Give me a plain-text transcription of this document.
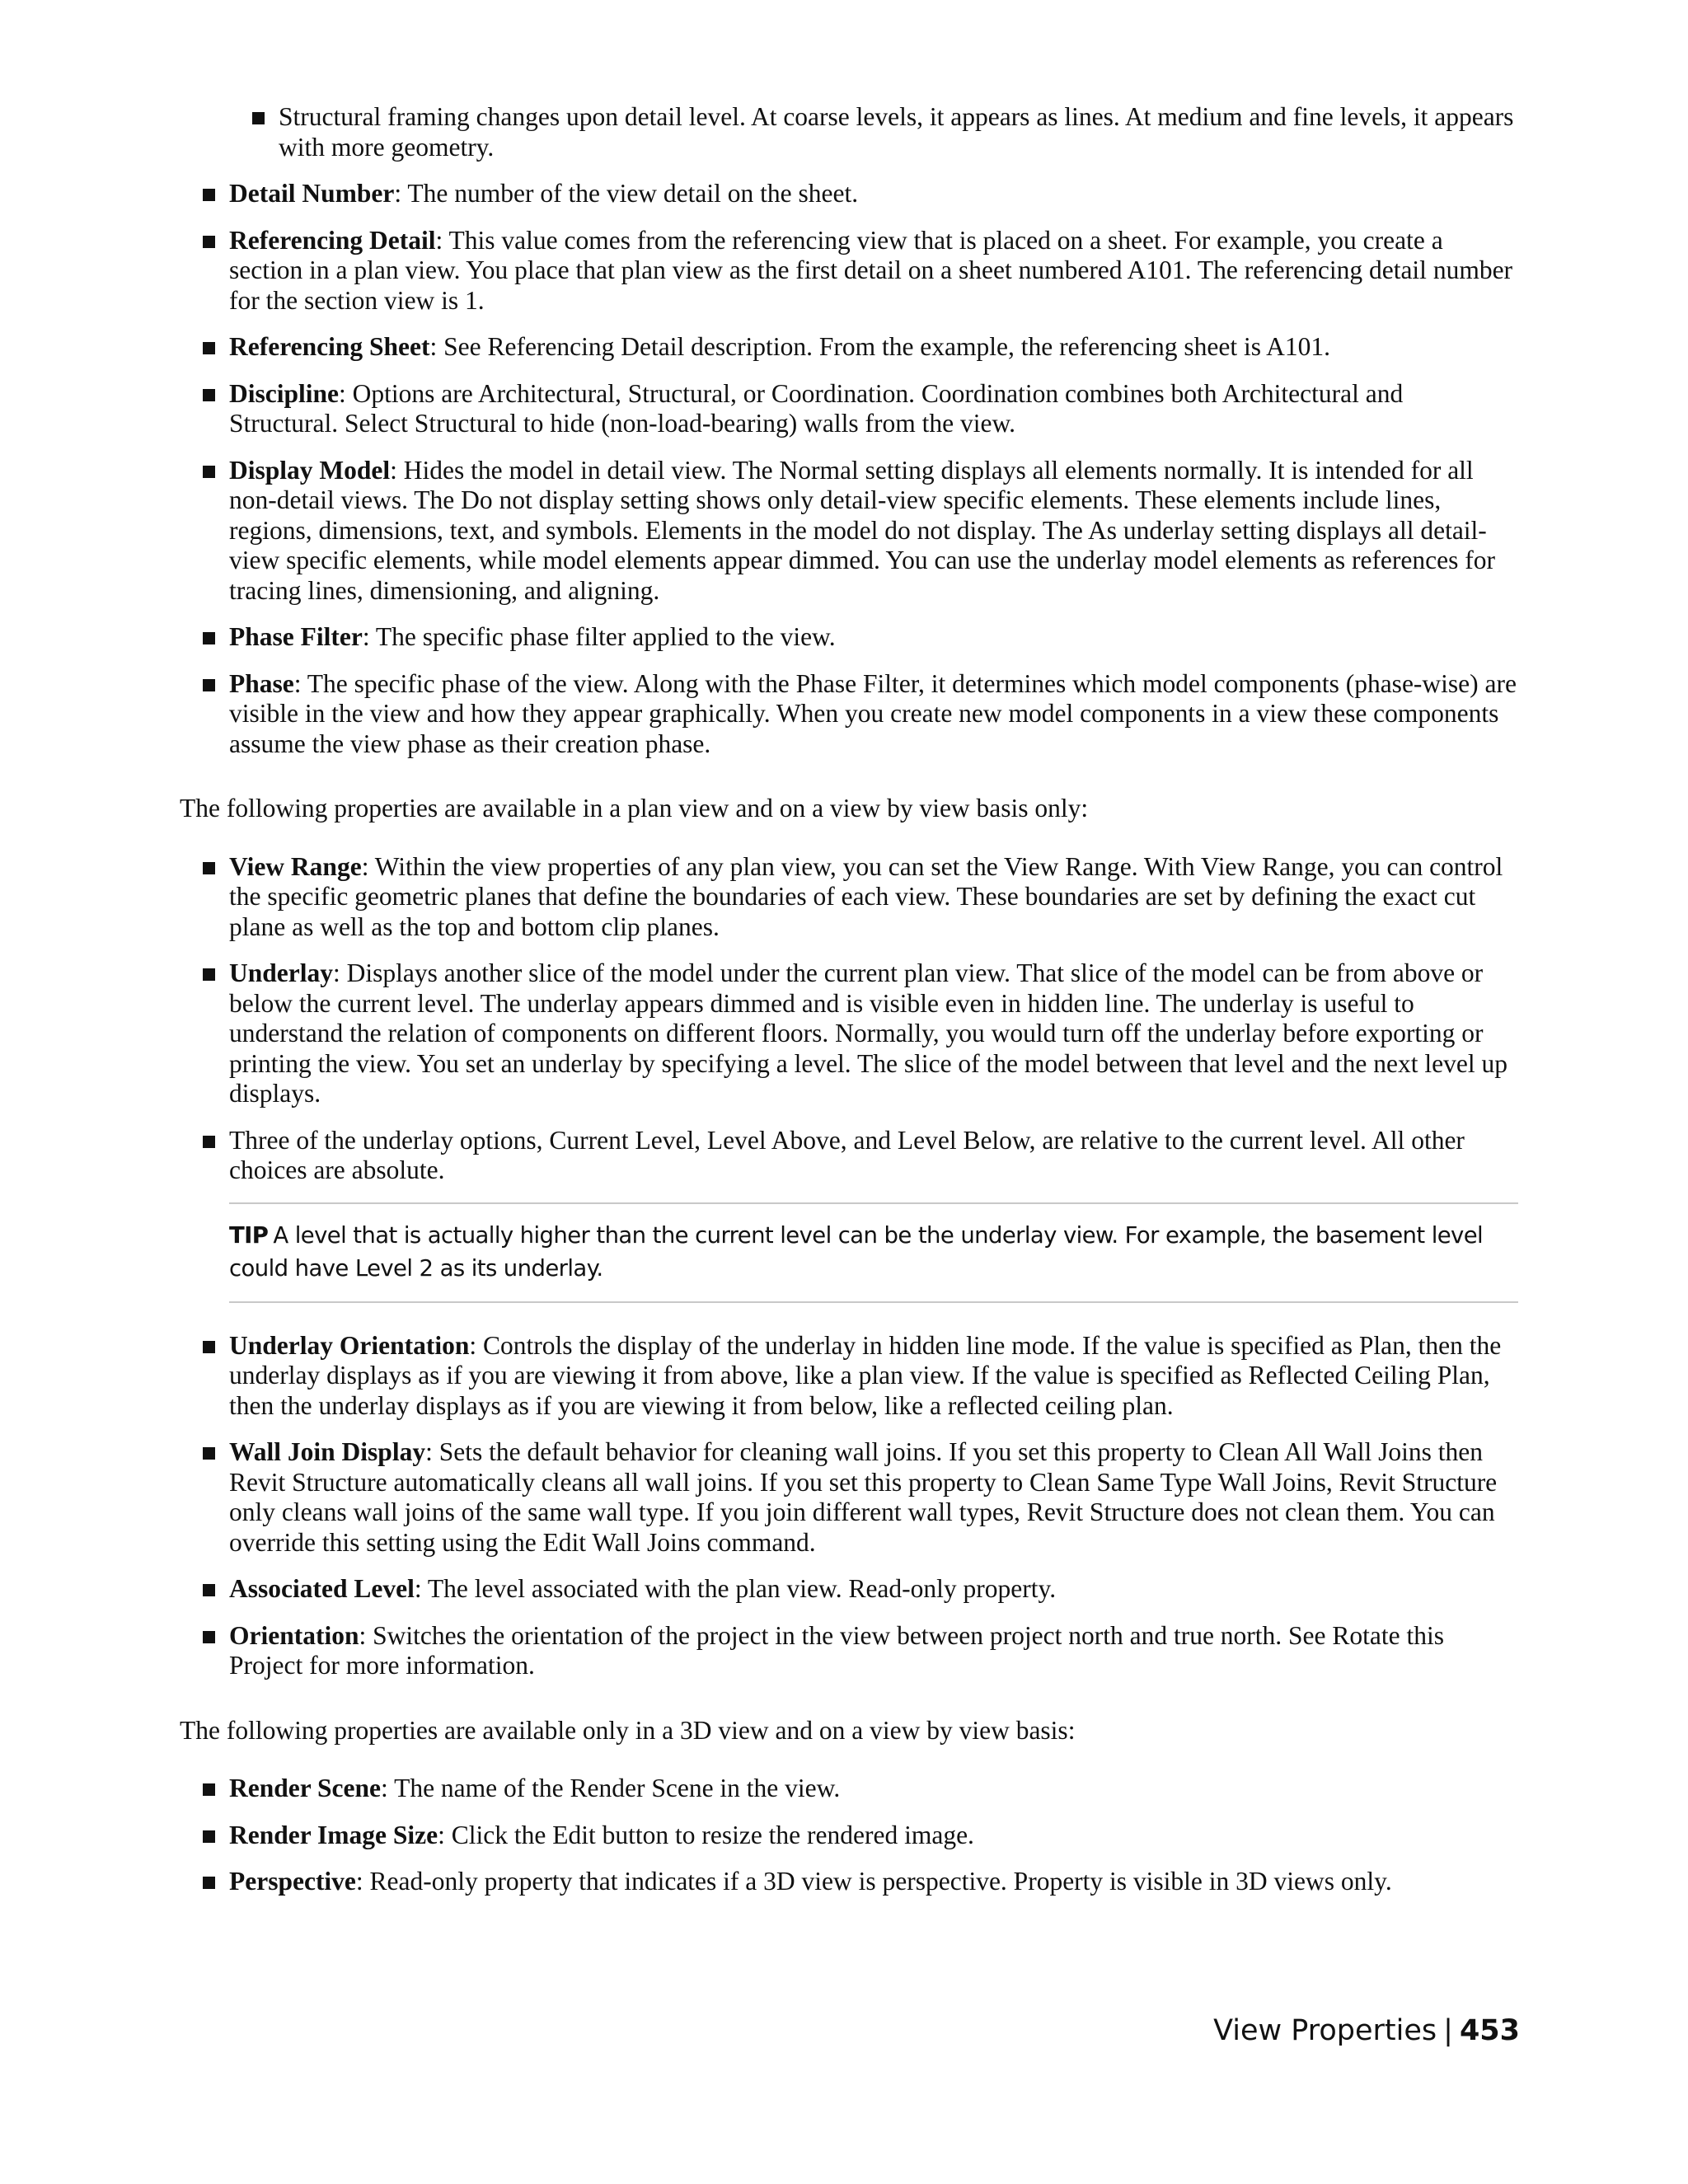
Structural framing changes upon detail level. At coarse levels, it appears as lines. At medium and fine levels, it appears with more geometry.
Detail Number: The number of the view detail on the sheet.
Referencing Detail: This value comes from the referencing view that is placed on a sheet. For example, you create a section in a plan view. You place that plan view as the first detail on a sheet numbered A101. The referencing detail number for the section view is 1.
Referencing Sheet: See Referencing Detail description. From the example, the referencing sheet is A101.
Discipline: Options are Architectural, Structural, or Coordination. Coordination combines both Architectural and Structural. Select Structural to hide (non-load-bearing) walls from the view.
Display Model: Hides the model in detail view. The Normal setting displays all elements normally. It is intended for all non-detail views. The Do not display setting shows only detail-view specific elements. These elements include lines, regions, dimensions, text, and symbols. Elements in the model do not display. The As underlay setting displays all detail-view specific elements, while model elements appear dimmed. You can use the underlay model elements as references for tracing lines, dimensioning, and aligning.
Phase Filter: The specific phase filter applied to the view.
Phase: The specific phase of the view. Along with the Phase Filter, it determines which model components (phase-wise) are visible in the view and how they appear graphically. When you create new model components in a view these components assume the view phase as their creation phase.

The following properties are available in a plan view and on a view by view basis only:

View Range: Within the view properties of any plan view, you can set the View Range. With View Range, you can control the specific geometric planes that define the boundaries of each view. These boundaries are set by defining the exact cut plane as well as the top and bottom clip planes.
Underlay: Displays another slice of the model under the current plan view. That slice of the model can be from above or below the current level. The underlay appears dimmed and is visible even in hidden line. The underlay is useful to understand the relation of components on different floors. Normally, you would turn off the underlay before exporting or printing the view. You set an underlay by specifying a level. The slice of the model between that level and the next level up displays.
Three of the underlay options, Current Level, Level Above, and Level Below, are relative to the current level. All other choices are absolute.
TIP A level that is actually higher than the current level can be the underlay view. For example, the basement level could have Level 2 as its underlay.
Underlay Orientation: Controls the display of the underlay in hidden line mode. If the value is specified as Plan, then the underlay displays as if you are viewing it from above, like a plan view. If the value is specified as Reflected Ceiling Plan, then the underlay displays as if you are viewing it from below, like a reflected ceiling plan.
Wall Join Display: Sets the default behavior for cleaning wall joins. If you set this property to Clean All Wall Joins then Revit Structure automatically cleans all wall joins. If you set this property to Clean Same Type Wall Joins, Revit Structure only cleans wall joins of the same wall type. If you join different wall types, Revit Structure does not clean them. You can override this setting using the Edit Wall Joins command.
Associated Level: The level associated with the plan view. Read-only property.
Orientation: Switches the orientation of the project in the view between project north and true north. See Rotate this Project for more information.

The following properties are available only in a 3D view and on a view by view basis:

Render Scene: The name of the Render Scene in the view.
Render Image Size: Click the Edit button to resize the rendered image.
Perspective: Read-only property that indicates if a 3D view is perspective. Property is visible in 3D views only.
View Properties | 453
